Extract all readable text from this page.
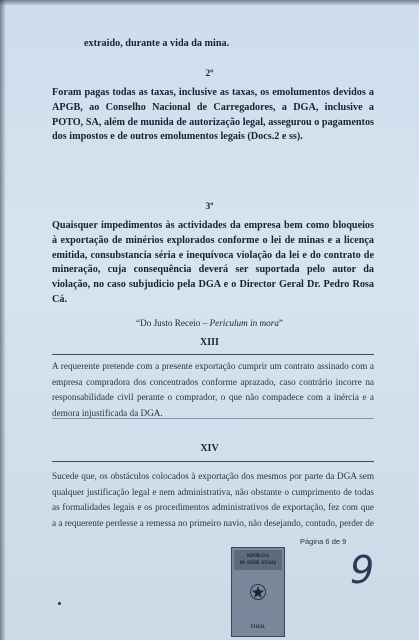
extraido, durante a vida da mina.
2º
Foram pagas todas as taxas, inclusive as taxas, os emolumentos devidos a APGB, ao Conselho Nacional de Carregadores, a DGA, inclusive a POTO, SA, além de munida de autorização legal, assegurou o pagamentos dos impostos e de outros emolumentos legais (Docs.2 e ss).
3º
Quaisquer impedimentos às actividades da empresa bem como bloqueios à exportação de minérios explorados conforme o lei de minas e a licença emitida, consubstancia séria e inequívoca violação da lei e do contrato de mineração, cuja consequência deverá ser suportada pelo autor da violação, no caso subjudicio pela DGA e o Director Geral Dr. Pedro Rosa Cá.
“Do Justo Receio – Periculum in mora”
XIII
A requerente pretende com a presente exportação cumprir um contrato assinado com a empresa compradora dos concentrados conforme aprazado, caso contrário incorre na responsabilidade civil perante o comprador, o que não compadece com a inércia e a demora injustificada da DGA.
XIV
Sucede que, os obstáculos colocados à exportação dos mesmos por parte da DGA sem qualquer justificação legal e nem administrativa, não obstante o cumprimento de todas as formalidades legais e os procedimentos administrativos de exportação, fez com que a a requerente perdesse a remessa no primeiro navio, não desejando, contudo, perder de
Página 6 de 9
REPÚBLICA
DA GUINÉ-BISSAU
FISCAL
9
